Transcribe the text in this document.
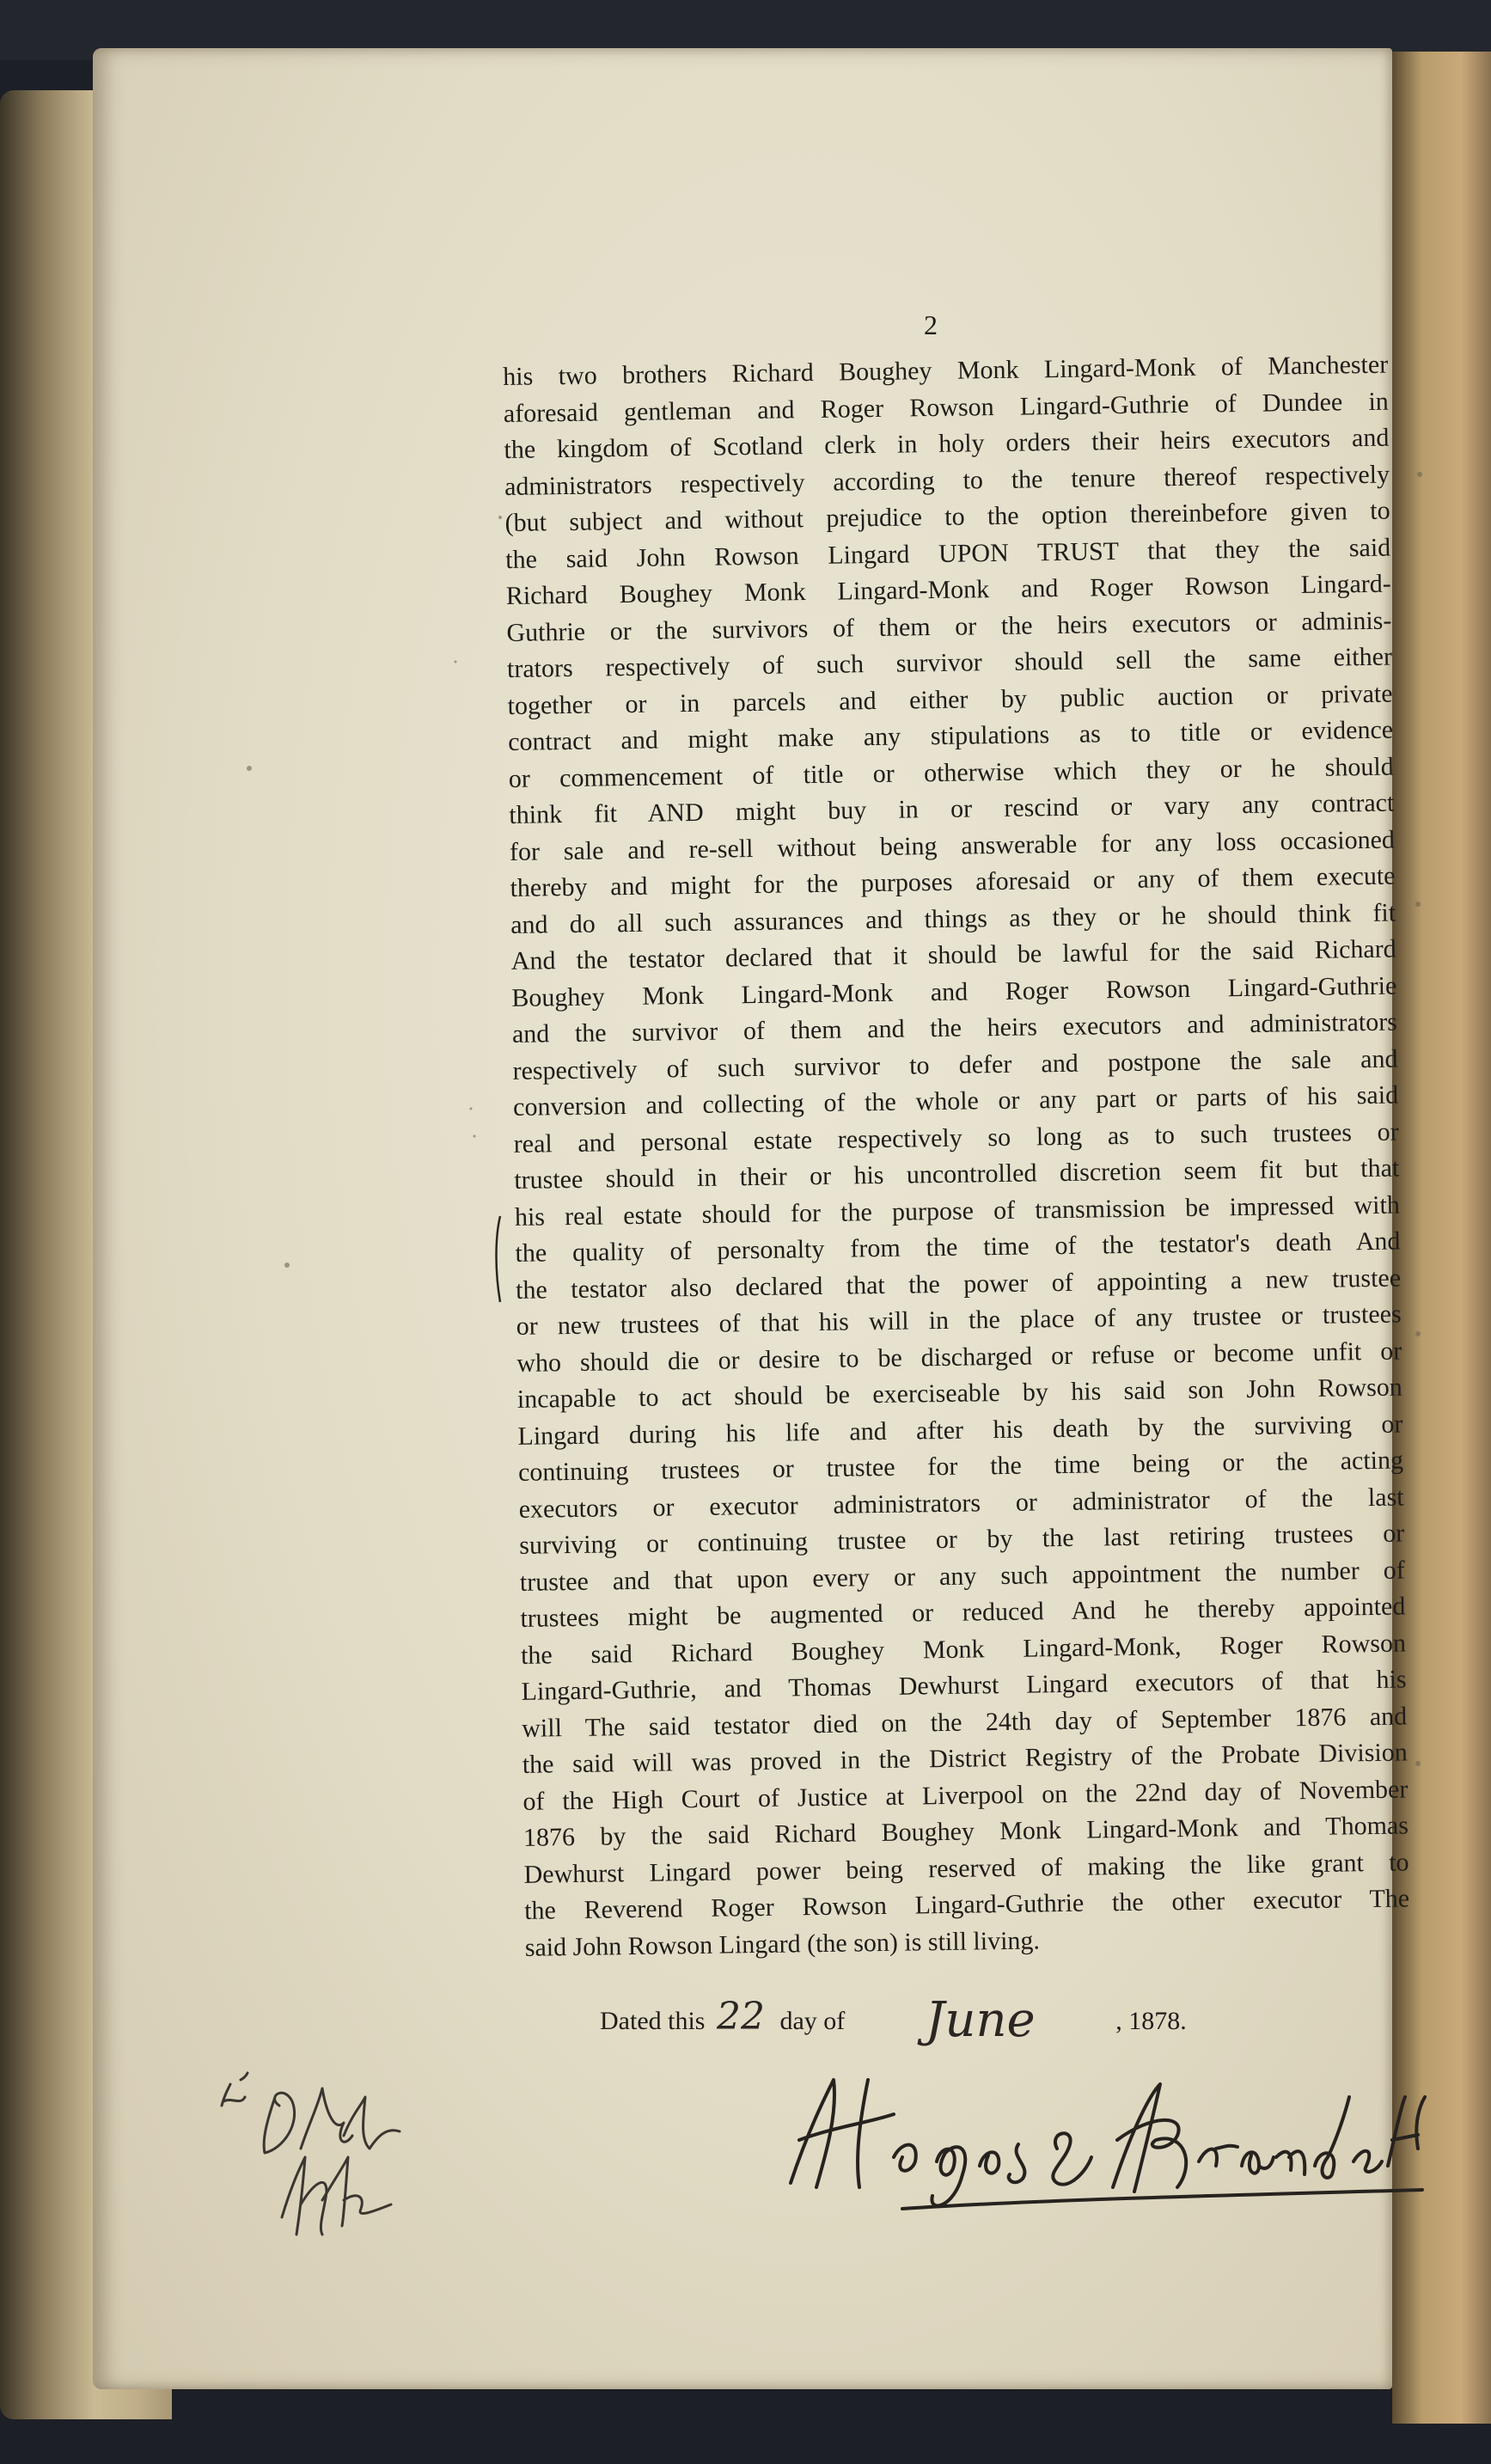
2
his two brothers Richard Boughey Monk Lingard-Monk of Manchester
aforesaid gentleman and Roger Rowson Lingard-Guthrie of Dundee in
the kingdom of Scotland clerk in holy orders their heirs executors and
administrators respectively according to the tenure thereof respectively
(but subject and without prejudice to the option thereinbefore given to
the said John Rowson Lingard UPON TRUST that they the said
Richard Boughey Monk Lingard-Monk and Roger Rowson Lingard-
Guthrie or the survivors of them or the heirs executors or adminis-
trators respectively of such survivor should sell the same either
together or in parcels and either by public auction or private
contract and might make any stipulations as to title or evidence
or commencement of title or otherwise which they or he should
think fit AND might buy in or rescind or vary any contract
for sale and re-sell without being answerable for any loss occasioned
thereby and might for the purposes aforesaid or any of them execute
and do all such assurances and things as they or he should think fit
And the testator declared that it should be lawful for the said Richard
Boughey Monk Lingard-Monk and Roger Rowson Lingard-Guthrie
and the survivor of them and the heirs executors and administrators
respectively of such survivor to defer and postpone the sale and
conversion and collecting of the whole or any part or parts of his said
real and personal estate respectively so long as to such trustees or
trustee should in their or his uncontrolled discretion seem fit but that
his real estate should for the purpose of transmission be impressed with
the quality of personalty from the time of the testator's death And
the testator also declared that the power of appointing a new trustee
or new trustees of that his will in the place of any trustee or trustees
who should die or desire to be discharged or refuse or become unfit or
incapable to act should be exerciseable by his said son John Rowson
Lingard during his life and after his death by the surviving or
continuing trustees or trustee for the time being or the acting
executors or executor administrators or administrator of the last
surviving or continuing trustee or by the last retiring trustees or
trustee and that upon every or any such appointment the number of
trustees might be augmented or reduced And he thereby appointed
the said Richard Boughey Monk Lingard-Monk, Roger Rowson
Lingard-Guthrie, and Thomas Dewhurst Lingard executors of that his
will The said testator died on the 24th day of September 1876 and
the said will was proved in the District Registry of the Probate Division
of the High Court of Justice at Liverpool on the 22nd day of November
1876 by the said Richard Boughey Monk Lingard-Monk and Thomas
Dewhurst Lingard power being reserved of making the like grant to
the Reverend Roger Rowson Lingard-Guthrie the other executor The
said John Rowson Lingard (the son) is still living.
Dated this 22 day of June	, 1878.
